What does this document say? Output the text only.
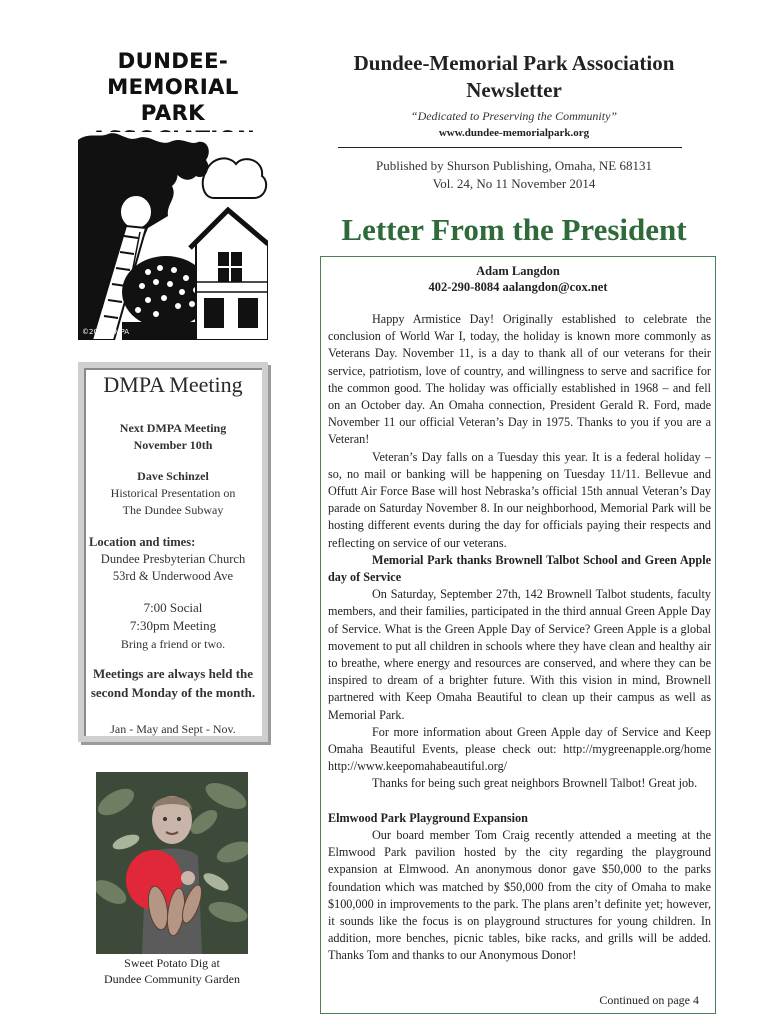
DUNDEE-
MEMORIAL PARK

©2006 DMPA
Dundee-Memorial Park Association Newsletter
“Dedicated to Preserving the Community”
www.dundee-memorialpark.org
Published by Shurson Publishing, Omaha, NE 68131
Vol. 24, No 11 November 2014
Letter From the President
Adam Langdon
402-290-8084 aalangdon@cox.net

Happy Armistice Day! Originally established to celebrate the conclusion of World War I, today, the holiday is known more commonly as Veterans Day. November 11, is a day to thank all of our veterans for their service, patriotism, love of country, and willingness to serve and sacrifice for the common good. The holiday was officially established in 1968 – and fell on an October day. An Omaha connection, President Gerald R. Ford, made November 11 our official Veteran’s Day in 1975. Thanks to you if you are a Veteran!

Veteran’s Day falls on a Tuesday this year. It is a federal holiday – so, no mail or banking will be happening on Tuesday 11/11. Bellevue and Offutt Air Force Base will host Nebraska’s official 15th annual Veteran’s Day parade on Saturday November 8. In our neighborhood, Memorial Park will be hosting different events during the day for officials paying their respects and reflecting on service of our veterans.

Memorial Park thanks Brownell Talbot School and Green Apple day of Service

On Saturday, September 27th, 142 Brownell Talbot students, faculty members, and their families, participated in the third annual Green Apple Day of Service. What is the Green Apple Day of Service? Green Apple is a global movement to put all children in schools where they have clean and healthy air to breathe, where energy and resources are conserved, and where they can be inspired to dream of a brighter future. With this vision in mind, Brownell partnered with Keep Omaha Beautiful to clean up their campus as well as Memorial Park.

For more information about Green Apple day of Service and Keep Omaha Beautiful Events, please check out: http://mygreenapple.org/home http://www.keepomahabeautiful.org/

Thanks for being such great neighbors Brownell Talbot! Great job.

Elmwood Park Playground Expansion

Our board member Tom Craig recently attended a meeting at the Elmwood Park pavilion hosted by the city regarding the playground expansion at Elmwood. An anonymous donor gave $50,000 to the parks foundation which was matched by $50,000 from the city of Omaha to make $100,000 in improvements to the park. The plans aren’t definite yet; however, it sounds like the focus is on playground structures for young children. In addition, more benches, picnic tables, bike racks, and grills will be added. Thanks Tom and thanks to our Anonymous Donor!

Continued on page 4
DMPA Meeting
Next DMPA Meeting
November 10th
Dave Schinzel
Historical Presentation on
The Dundee Subway
Location and times:
Dundee Presbyterian Church
53rd & Underwood Ave
7:00 Social
7:30pm Meeting
Bring a friend or two.
Meetings are always held the second Monday of the month.
Jan - May and Sept - Nov.
Sweet Potato Dig at
Dundee Community Garden
